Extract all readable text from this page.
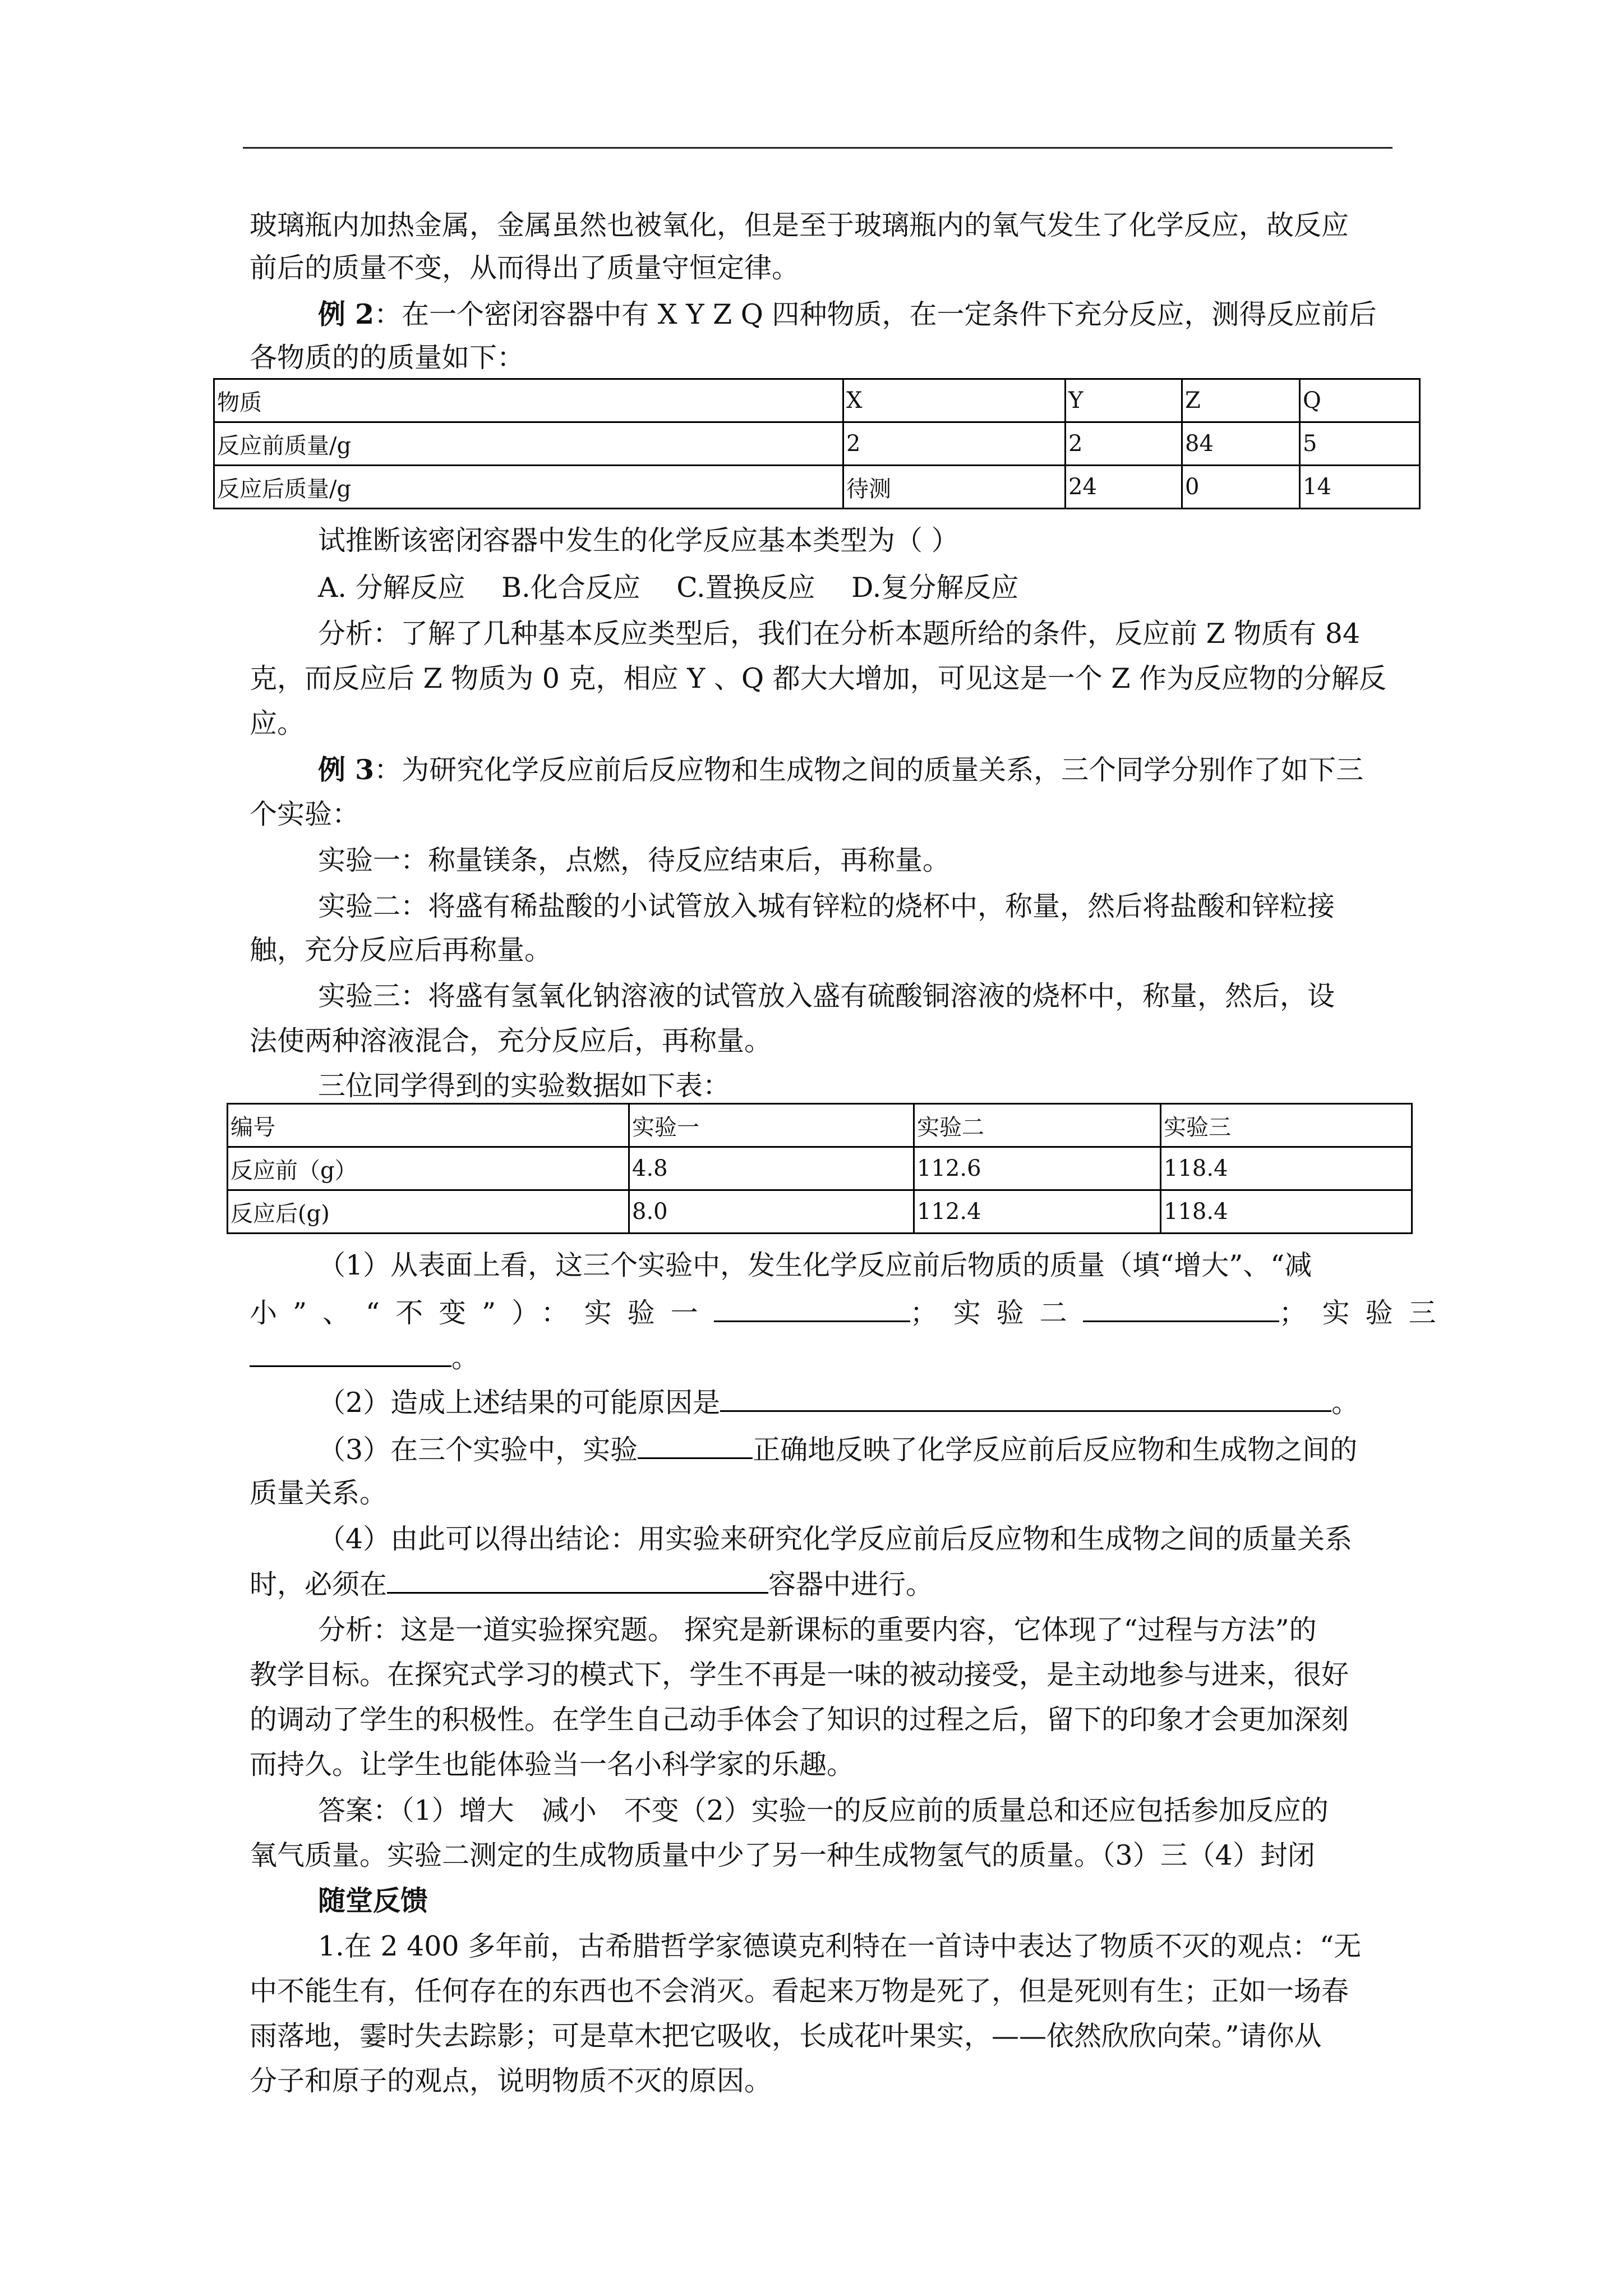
玻璃瓶内加热金属，金属虽然也被氧化，但是至于玻璃瓶内的氧气发生了化学反应，故反应
前后的质量不变，从而得出了质量守恒定律。
例 2：在一个密闭容器中有 X Y Z Q 四种物质，在一定条件下充分反应，测得反应前后
各物质的的质量如下：
物质	X	Y	Z	Q
反应前质量/g	2	2	84	5
反应后质量/g	待测	24	0	14
试推断该密闭容器中发生的化学反应基本类型为（ ）
A. 分解反应　 B.化合反应　 C.置换反应　 D.复分解反应
分析：了解了几种基本反应类型后，我们在分析本题所给的条件，反应前 Z 物质有 84
克，而反应后 Z 物质为 0 克，相应 Y 、Q 都大大增加，可见这是一个 Z 作为反应物的分解反
应。
例 3：为研究化学反应前后反应物和生成物之间的质量关系，三个同学分别作了如下三
个实验：
实验一：称量镁条，点燃，待反应结束后，再称量。
实验二：将盛有稀盐酸的小试管放入城有锌粒的烧杯中，称量，然后将盐酸和锌粒接
触，充分反应后再称量。
实验三：将盛有氢氧化钠溶液的试管放入盛有硫酸铜溶液的烧杯中，称量，然后，设
法使两种溶液混合，充分反应后，再称量。
三位同学得到的实验数据如下表：
编号	实验一	实验二	实验三
反应前（g）	4.8	112.6	118.4
反应后(g)	8.0	112.4	118.4
（1）从表面上看，这三个实验中，发生化学反应前后物质的质量（填“增大”、“减
小”、“不变”）：实验一	；实验二	；实验三
。
（2）造成上述结果的可能原因是	。
（3）在三个实验中，实验	正确地反映了化学反应前后反应物和生成物之间的
质量关系。
（4）由此可以得出结论：用实验来研究化学反应前后反应物和生成物之间的质量关系
时，必须在	容器中进行。
分析：这是一道实验探究题。 探究是新课标的重要内容，它体现了“过程与方法”的
教学目标。在探究式学习的模式下，学生不再是一味的被动接受，是主动地参与进来，很好
的调动了学生的积极性。在学生自己动手体会了知识的过程之后，留下的印象才会更加深刻
而持久。让学生也能体验当一名小科学家的乐趣。
答案：（1）增大　减小　不变（2）实验一的反应前的质量总和还应包括参加反应的
氧气质量。实验二测定的生成物质量中少了另一种生成物氢气的质量。（3）三（4）封闭
随堂反馈
1.在 2 400 多年前，古希腊哲学家德谟克利特在一首诗中表达了物质不灭的观点：“无
中不能生有，任何存在的东西也不会消灭。看起来万物是死了，但是死则有生；正如一场春
雨落地，霎时失去踪影；可是草木把它吸收，长成花叶果实，——依然欣欣向荣。”请你从
分子和原子的观点，说明物质不灭的原因。
